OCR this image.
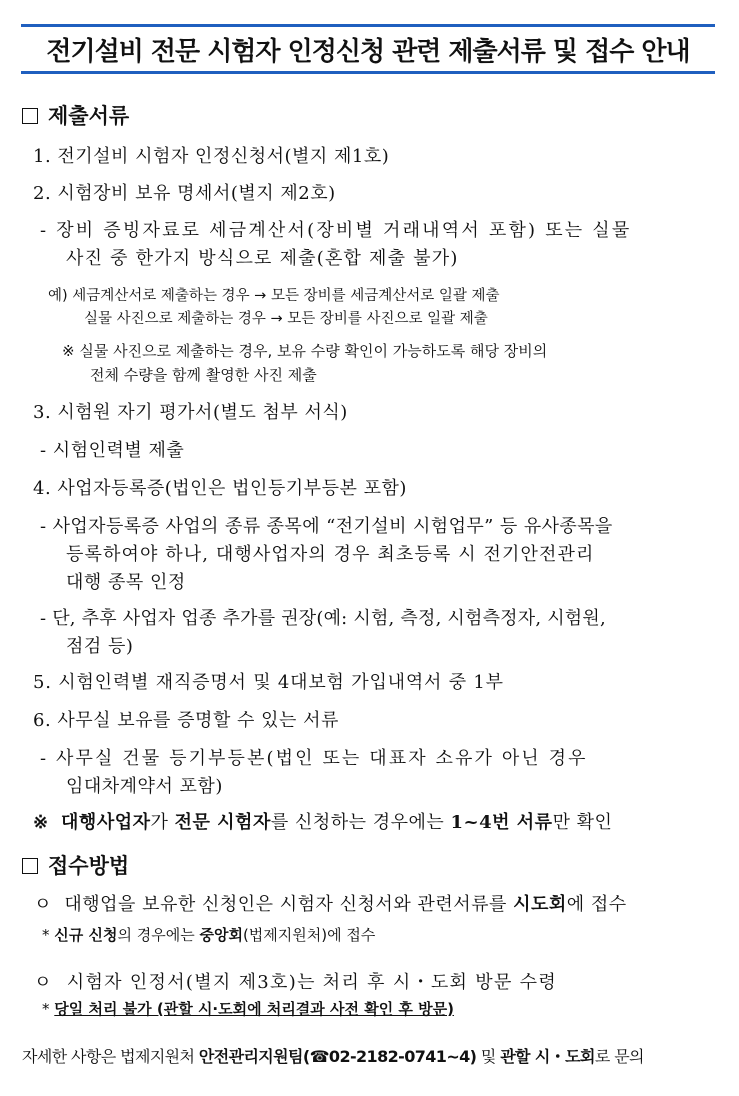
전기설비 전문 시험자 인정신청 관련 제출서류 및 접수 안내
제출서류
1. 전기설비 시험자 인정신청서(별지 제1호)
2. 시험장비 보유 명세서(별지 제2호)
- 장비 증빙자료로 세금계산서(장비별 거래내역서 포함) 또는 실물
사진 중 한가지 방식으로 제출(혼합 제출 불가)
예) 세금계산서로 제출하는 경우 → 모든 장비를 세금계산서로 일괄 제출
실물 사진으로 제출하는 경우 → 모든 장비를 사진으로 일괄 제출
※ 실물 사진으로 제출하는 경우, 보유 수량 확인이 가능하도록 해당 장비의
전체 수량을 함께 촬영한 사진 제출
3. 시험원 자기 평가서(별도 첨부 서식)
- 시험인력별 제출
4. 사업자등록증(법인은 법인등기부등본 포함)
- 사업자등록증 사업의 종류 종목에 “전기설비 시험업무” 등 유사종목을
등록하여야 하나, 대행사업자의 경우 최초등록 시 전기안전관리
대행 종목 인정
- 단, 추후 사업자 업종 추가를 권장(예: 시험, 측정, 시험측정자, 시험원,
점검 등)
5. 시험인력별 재직증명서 및 4대보험 가입내역서 중 1부
6. 사무실 보유를 증명할 수 있는 서류
- 사무실 건물 등기부등본(법인 또는 대표자 소유가 아닌 경우
임대차계약서 포함)
※ 대행사업자가 전문 시험자를 신청하는 경우에는 1~4번 서류만 확인
접수방법
ㅇ 대행업을 보유한 신청인은 시험자 신청서와 관련서류를 시도회에 접수
* 신규 신청의 경우에는 중앙회(법제지원처)에 접수
ㅇ 시험자 인정서(별지 제3호)는 처리 후 시・도회 방문 수령
* 당일 처리 불가 (관할 시·도회에 처리결과 사전 확인 후 방문)
자세한 사항은 법제지원처 안전관리지원팀(☎02-2182-0741~4) 및 관할 시・도회로 문의
